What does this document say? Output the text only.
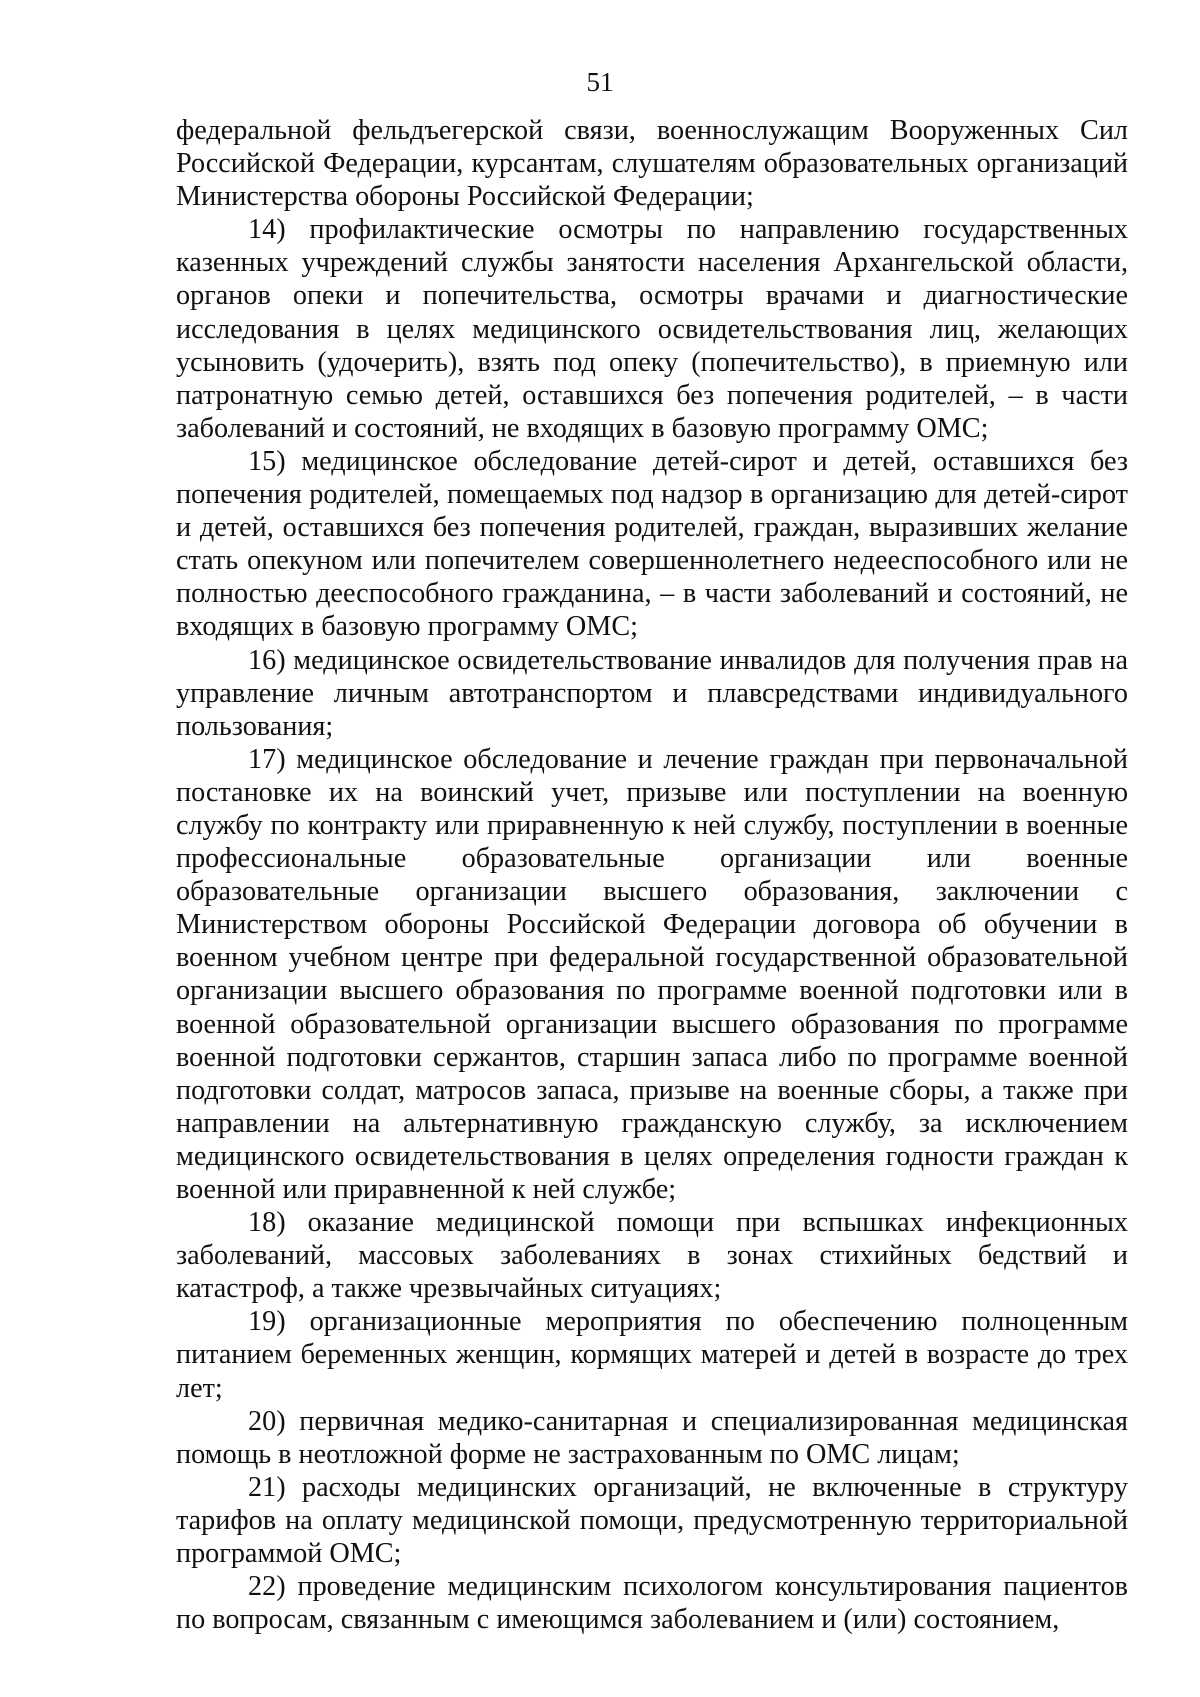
51

федеральной фельдъегерской связи, военнослужащим Вооруженных Сил Российской Федерации, курсантам, слушателям образовательных организаций Министерства обороны Российской Федерации;

14) профилактические осмотры по направлению государственных казенных учреждений службы занятости населения Архангельской области, органов опеки и попечительства, осмотры врачами и диагностические исследования в целях медицинского освидетельствования лиц, желающих усыновить (удочерить), взять под опеку (попечительство), в приемную или патронатную семью детей, оставшихся без попечения родителей, – в части заболеваний и состояний, не входящих в базовую программу ОМС;

15) медицинское обследование детей-сирот и детей, оставшихся без попечения родителей, помещаемых под надзор в организацию для детей-сирот и детей, оставшихся без попечения родителей, граждан, выразивших желание стать опекуном или попечителем совершеннолетнего недееспособного или не полностью дееспособного гражданина, – в части заболеваний и состояний, не входящих в базовую программу ОМС;

16) медицинское освидетельствование инвалидов для получения прав на управление личным автотранспортом и плавсредствами индивидуального пользования;

17) медицинское обследование и лечение граждан при первоначальной постановке их на воинский учет, призыве или поступлении на военную службу по контракту или приравненную к ней службу, поступлении в военные профессиональные образовательные организации или военные образовательные организации высшего образования, заключении с Министерством обороны Российской Федерации договора об обучении в военном учебном центре при федеральной государственной образовательной организации высшего образования по программе военной подготовки или в военной образовательной организации высшего образования по программе военной подготовки сержантов, старшин запаса либо по программе военной подготовки солдат, матросов запаса, призыве на военные сборы, а также при направлении на альтернативную гражданскую службу, за исключением медицинского освидетельствования в целях определения годности граждан к военной или приравненной к ней службе;

18) оказание медицинской помощи при вспышках инфекционных заболеваний, массовых заболеваниях в зонах стихийных бедствий и катастроф, а также чрезвычайных ситуациях;

19) организационные мероприятия по обеспечению полноценным питанием беременных женщин, кормящих матерей и детей в возрасте до трех лет;

20) первичная медико-санитарная и специализированная медицинская помощь в неотложной форме не застрахованным по ОМС лицам;

21) расходы медицинских организаций, не включенные в структуру тарифов на оплату медицинской помощи, предусмотренную территориальной программой ОМС;

22) проведение медицинским психологом консультирования пациентов по вопросам, связанным с имеющимся заболеванием и (или) состоянием,
